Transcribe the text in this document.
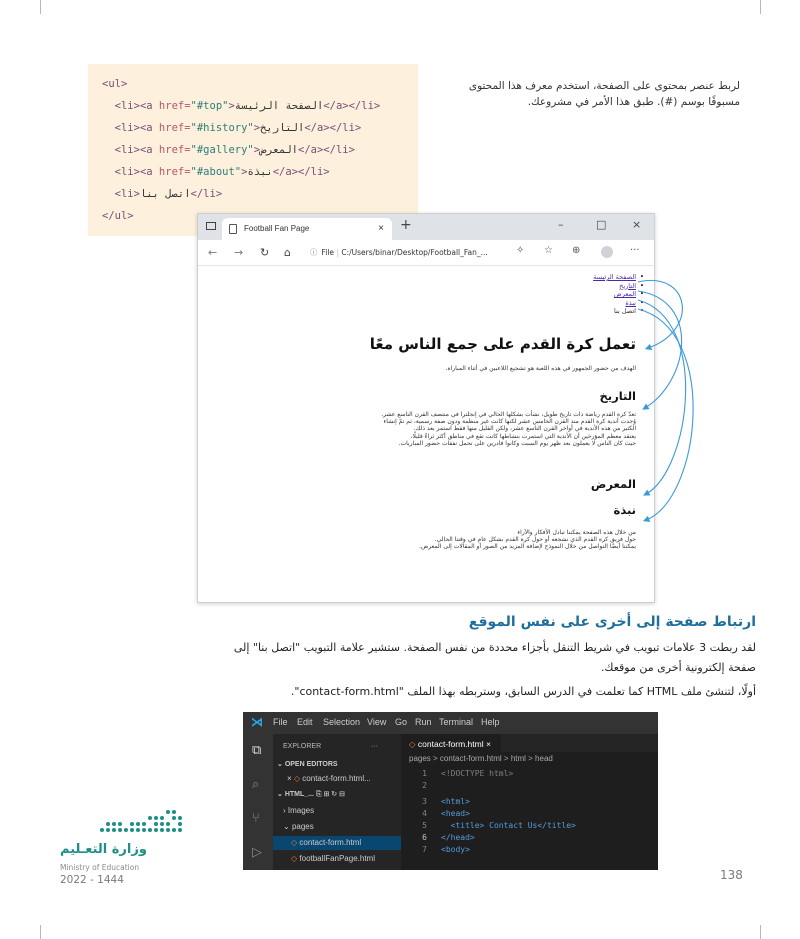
لربط عنصر بمحتوى على الصفحة، استخدم معرف هذا المحتوى مسبوقًا بوسم (#). طبق هذا الأمر في مشروعك.

<ul>
<li><a href="#top">الصفحة الرئيسة</a></li>
<li><a href="#history">التاريخ</a></li>
<li><a href="#gallery">المعرض</a></li>
<li><a href="#about">نبذة</a></li>
<li>اتصل بنا</li>
</ul>
Football Fan Page	× +	–	□ ×
← → ↻ ⌂	ⓘ File | C:/Users/binar/Desktop/Football_Fan_...	✧ ☆ ⊕	···
الصفحة الرئيسة •
التاريخ •
المعرض •
نبذة •
اتصل بنا •
تعمل كرة القدم على جمع الناس معًا

الهدف من حضور الجمهور في هذه اللعبة هو تشجيع اللاعبين في أثناء المباراة.

التاريخ
تعدّ كرة القدم رياضة ذات تاريخ طويل، نشأت بشكلها الحالي في إنجلترا في منتصف القرن التاسع عشر.
وُجدت أندية كرة القدم منذ القرن الخامس عشر لكنها كانت غير منظمة ودون صفة رسمية، ثم تمّ إنشاء
الكثير من هذه الأندية في أواخر القرن التاسع عشر، ولكن القليل منها فقط استمر بعد ذلك.
يعتقد معظم المؤرخين أن الأندية التي استمرت بنشاطها كانت تقع في مناطق أكثر ثراءً قليلًا،
حيث كان الناس لا يعملون بعد ظهر يوم السبت وكانوا قادرين على تحمل نفقات حضور المباريات.
المعرض
نبذة
من خلال هذه الصفحة يمكننا تبادل الأفكار والآراء
حول فريق كرة القدم الذي نشجعه أو حول كرة القدم بشكل عام في وقتنا الحالي.
يمكننا أيضًا التواصل من خلال النموذج لإضافة المزيد من الصور أو المقالات إلى المعرض.
ارتباط صفحة إلى أخرى على نفس الموقع

لقد ربطت 3 علامات تبويب في شريط التنقل بأجزاء محددة من نفس الصفحة. ستشير علامة التبويب "اتصل بنا" إلى

صفحة إلكترونية أخرى من موقعك.

أولًا، لتنشئ ملف HTML كما تعلمت في الدرس السابق، وستربطه بهذا الملف "contact-form.html".

⋊ File Edit Selection View Go Run Terminal Help
⧉
⌕
⑂
▷
EXPLORER	···
⌄ OPEN EDITORS
× ◇ contact-form.html...
⌄ HTML_... ⎘ ⊞ ↻ ⊟
› Images
⌄ pages
◇ contact-form.html
◇ footballFanPage.html
◇ contact-form.html ×
pages > contact-form.html > html > head
1 <!DOCTYPE html>
2
3 <html>
4 <head>
5  <title> Contact Us</title>
6 </head>
7 <body>
وزارة التعـليم
Ministry of Education
2022 - 1444	138
